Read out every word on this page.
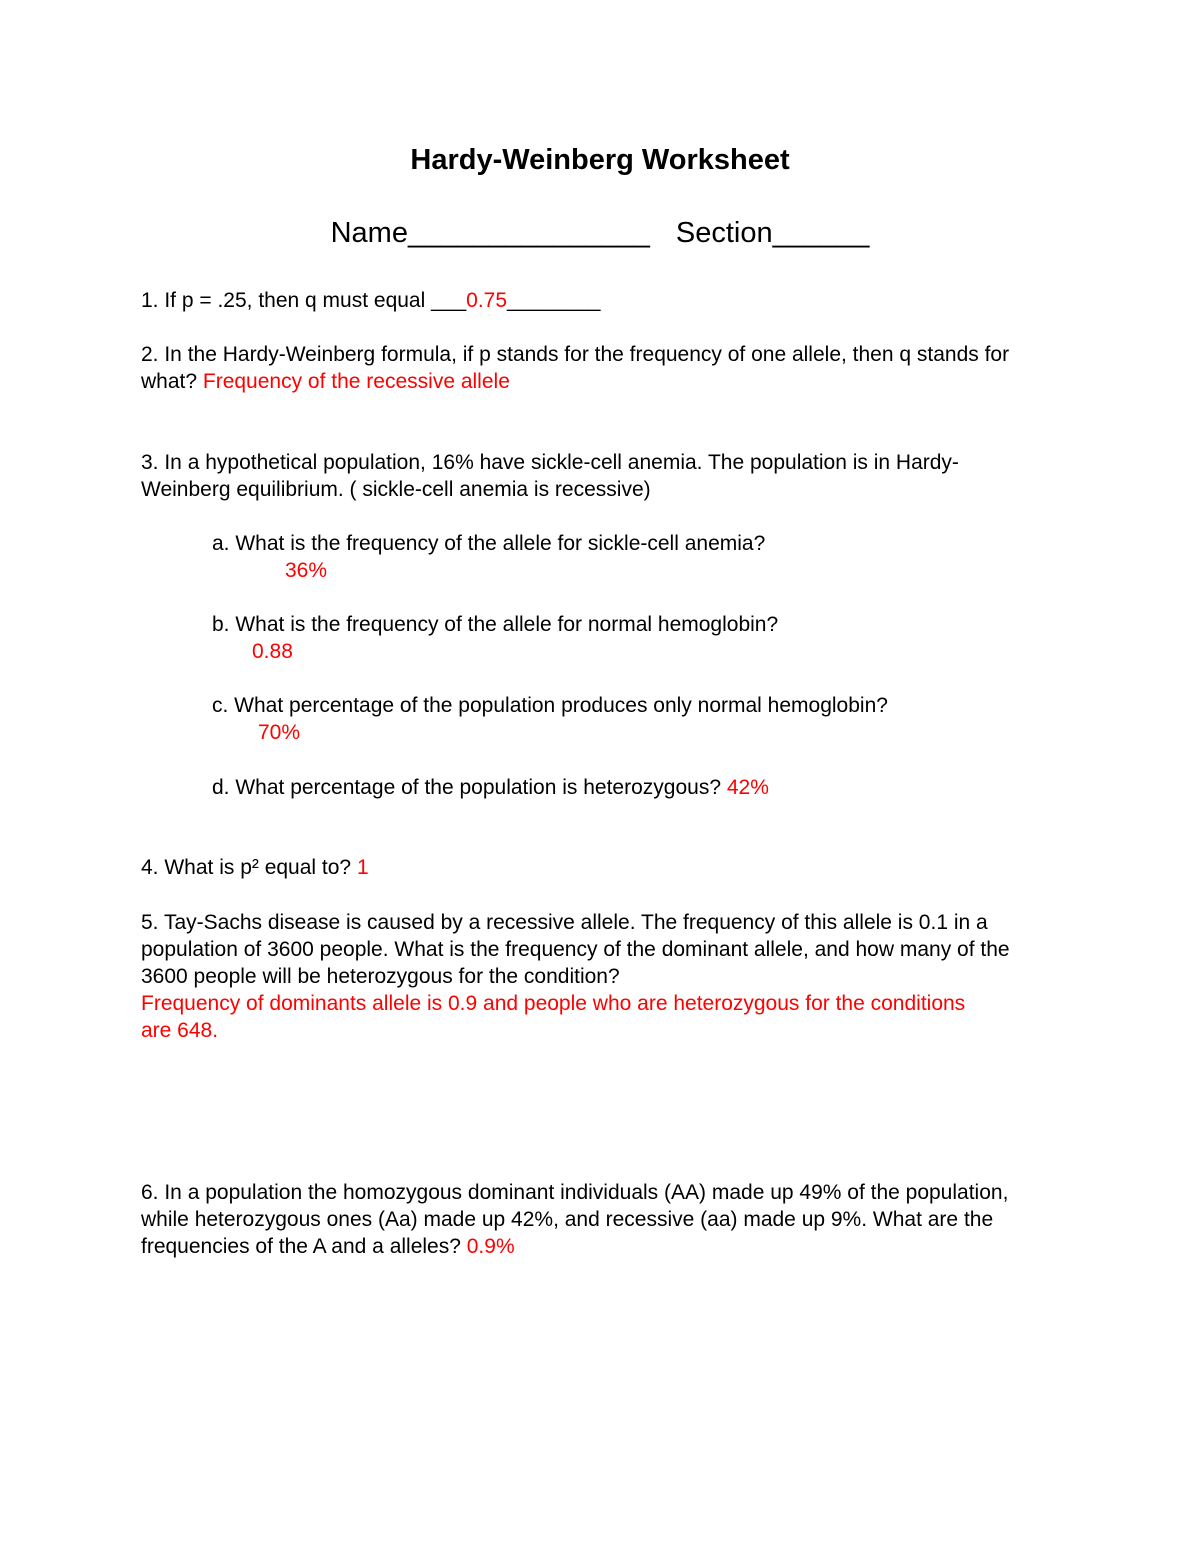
Hardy-Weinberg Worksheet
Name_______________ Section______
1. If p = .25, then q must equal ___0.75________
2. In the Hardy-Weinberg formula, if p stands for the frequency of one allele, then q stands for what? Frequency of the recessive allele
3. In a hypothetical population, 16% have sickle-cell anemia. The population is in Hardy-Weinberg equilibrium. ( sickle-cell anemia is recessive)
a. What is the frequency of the allele for sickle-cell anemia?
36%
b. What is the frequency of the allele for normal hemoglobin?
0.88
c. What percentage of the population produces only normal hemoglobin?
70%
d. What percentage of the population is heterozygous? 42%
4. What is p² equal to? 1
5. Tay-Sachs disease is caused by a recessive allele. The frequency of this allele is 0.1 in a population of 3600 people. What is the frequency of the dominant allele, and how many of the 3600 people will be heterozygous for the condition?
Frequency of dominants allele is 0.9 and people who are heterozygous for the conditions are 648.
6. In a population the homozygous dominant individuals (AA) made up 49% of the population, while heterozygous ones (Aa) made up 42%, and recessive (aa) made up 9%. What are the frequencies of the A and a alleles? 0.9%
